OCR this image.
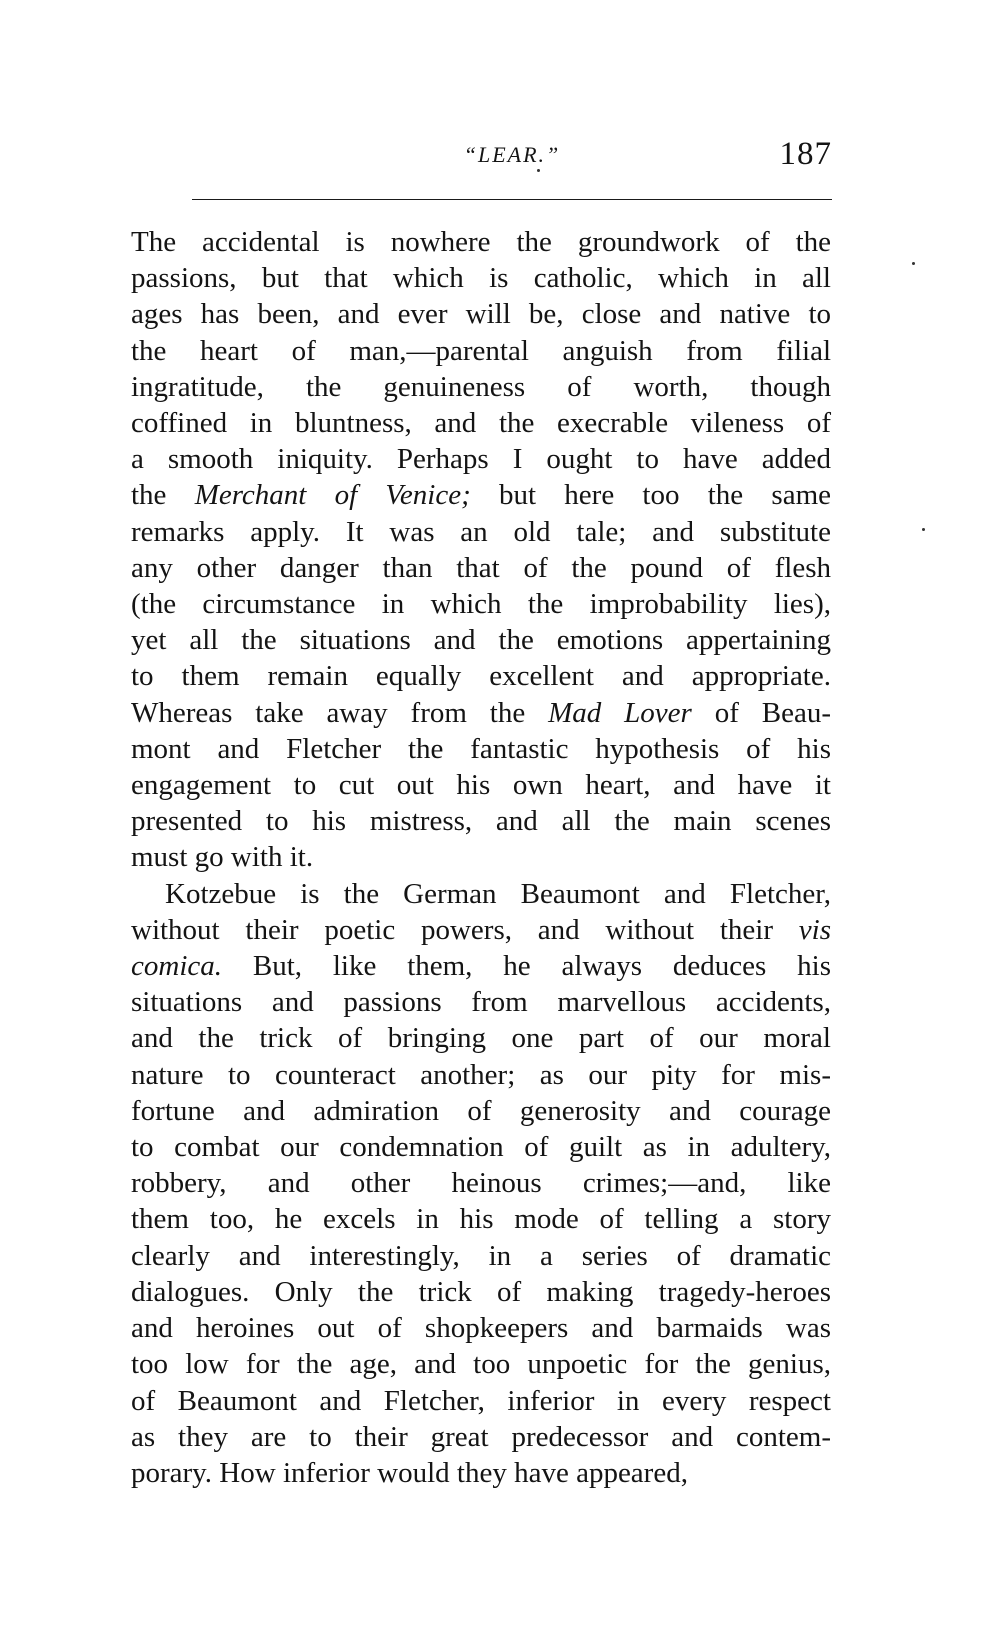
“LEAR.”	187
The accidental is nowhere the groundwork of the
passions, but that which is catholic, which in all
ages has been, and ever will be, close and native to
the heart of man,—parental anguish from filial
ingratitude, the genuineness of worth, though
coffined in bluntness, and the execrable vileness of
a smooth iniquity. Perhaps I ought to have added
the Merchant of Venice; but here too the same
remarks apply. It was an old tale; and substitute
any other danger than that of the pound of flesh
(the circumstance in which the improbability lies),
yet all the situations and the emotions appertaining
to them remain equally excellent and appropriate.
Whereas take away from the Mad Lover of Beau-
mont and Fletcher the fantastic hypothesis of his
engagement to cut out his own heart, and have it
presented to his mistress, and all the main scenes
must go with it.
Kotzebue is the German Beaumont and Fletcher,
without their poetic powers, and without their vis
comica. But, like them, he always deduces his
situations and passions from marvellous accidents,
and the trick of bringing one part of our moral
nature to counteract another; as our pity for mis-
fortune and admiration of generosity and courage
to combat our condemnation of guilt as in adultery,
robbery, and other heinous crimes;—and, like
them too, he excels in his mode of telling a story
clearly and interestingly, in a series of dramatic
dialogues. Only the trick of making tragedy-heroes
and heroines out of shopkeepers and barmaids was
too low for the age, and too unpoetic for the genius,
of Beaumont and Fletcher, inferior in every respect
as they are to their great predecessor and contem-
porary. How inferior would they have appeared,
